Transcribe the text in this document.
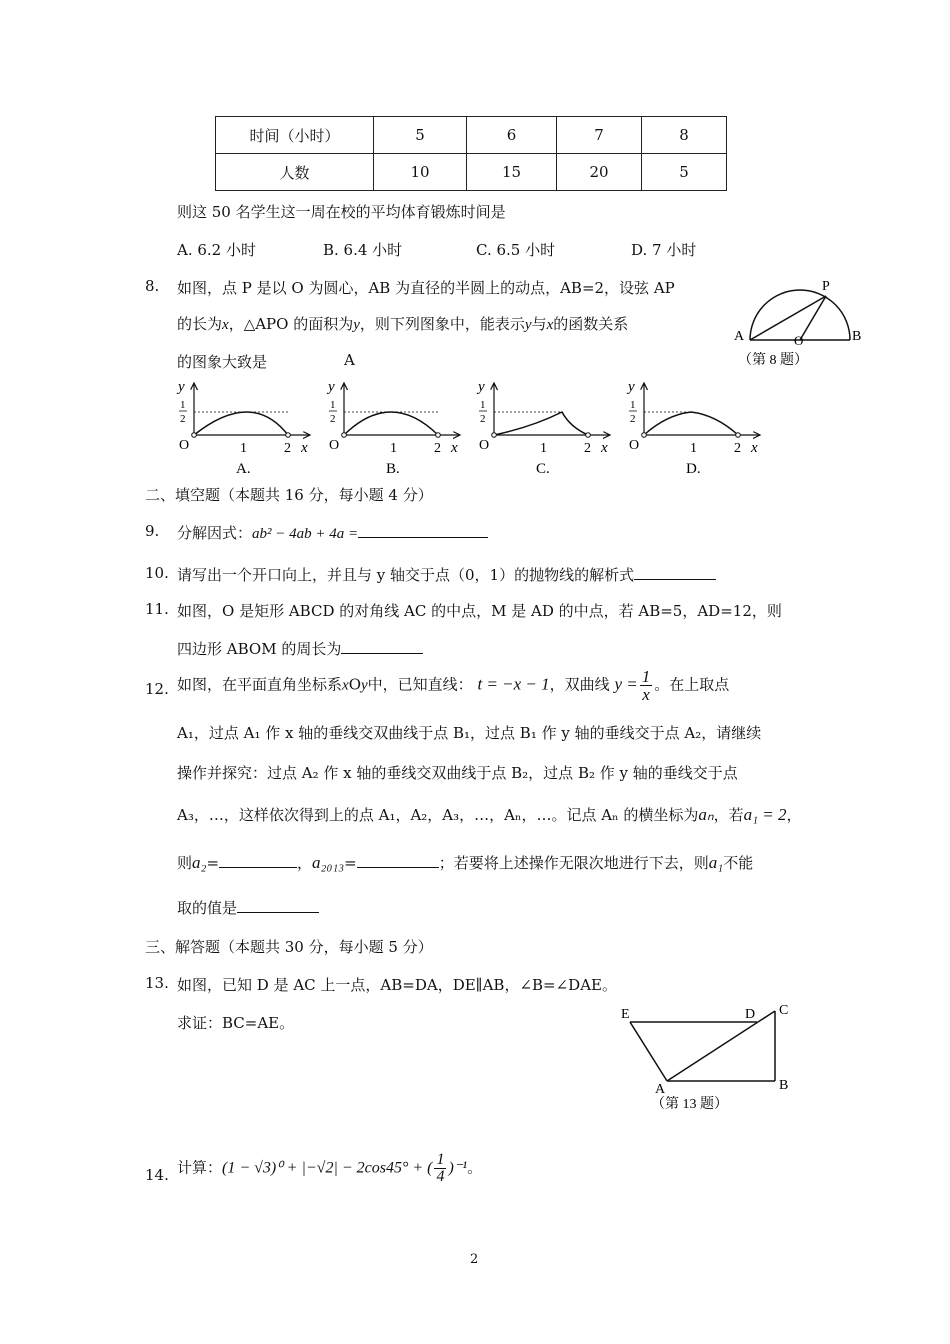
时间（小时）	5	6	7	8
人数	10	15	20	5
则这 50 名学生这一周在校的平均体育锻炼时间是
A. 6.2 小时	B. 6.4 小时	C. 6.5 小时	D. 7 小时
8. 如图，点 P 是以 O 为圆心，AB 为直径的半圆上的动点，AB=2，设弦 AP
的长为x，△APO 的面积为y，则下列图象中，能表示y与x的函数关系
的图象大致是	A
A	B
O
P
（第 8 题）
y
1
2
O	1	2 x
A.
y
1
2
O	1	2 x
B.
y
1
2
O	1	2 x
C.
y
1
2
O	1	2 x
D.
二、填空题（本题共 16 分，每小题 4 分）
9. 分解因式：ab² − 4ab + 4a =
10. 请写出一个开口向上，并且与 y 轴交于点（0，1）的抛物线的解析式
11. 如图，O 是矩形 ABCD 的对角线 AC 的中点，M 是 AD 的中点，若 AB=5，AD=12，则
四边形 ABOM 的周长为
12. 如图，在平面直角坐标系xOy中，已知直线： t = −x − 1，双曲线 $y = \frac{1}{x}$ 。在上取点
A₁，过点 A₁ 作 x 轴的垂线交双曲线于点 B₁，过点 B₁ 作 y 轴的垂线交于点 A₂，请继续
操作并探究：过点 A₂ 作 x 轴的垂线交双曲线于点 B₂，过点 B₂ 作 y 轴的垂线交于点
A₃，…，这样依次得到上的点 A₁，A₂，A₃，…，Aₙ，…。记点 Aₙ 的横坐标为aₙ，若a₁ = 2，
则a₂=	，a₂₀₁₃=	；若要将上述操作无限次地进行下去，则a₁不能
取的值是
三、解答题（本题共 30 分，每小题 5 分）
13. 如图，已知 D 是 AC 上一点，AB=DA，DE∥AB，∠B=∠DAE。
求证：BC=AE。	E	D C
A	B
（第 13 题）
14. 计算：(1 − √3)⁰ + |−√2| − 2cos45° + ( $\frac{1}{4} )^{-1}$。
2
